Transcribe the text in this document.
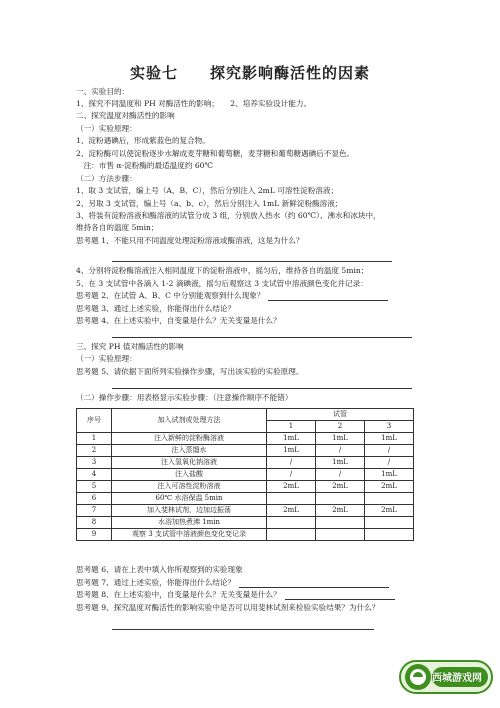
实验七　　探究影响酶活性的因素
一、实验目的：
1、探究不同温度和 PH 对酶活性的影响；　　2、培养实验设计能力。
二、探究温度对酶活性的影响
（一）实验原理：
1、淀粉遇碘后，形成紫蓝色的复合物。
2、淀粉酶可以使淀粉逐步水解成麦芽糖和葡萄糖，麦芽糖和葡萄糖遇碘后不显色。
　注：市售 α-淀粉酶的最适温度约 60℃
（二）方法步骤：
1、取 3 支试管，编上号（A、B、C），然后分别注入 2mL 可溶性淀粉溶液；
2、另取 3 支试管，编上号（a、b、c），然后分别注入 1mL 新鲜淀粉酶溶液；
3、将装有淀粉溶液和酶溶液的试管分成 3 组，分别放入热水（约 60℃）、沸水和冰块中，
维持各自的温度 5min；
思考题 1、不能只用不同温度处理淀粉溶液或酶溶液，这是为什么？
4、分别将淀粉酶溶液注入相同温度下的淀粉溶液中，摇匀后，维持各自的温度 5min；
5、在 3 支试管中各滴入 1-2 滴碘液，摇匀后观察这 3 支试管中溶液颜色变化并记录：
思考题 2、在试管 A、B、C 中分别能观察到什么现象？
思考题 3、通过上述实验，你能得出什么结论？
思考题 4、在上述实验中，自变量是什么？无关变量是什么？
三、探究 PH 值对酶活性的影响
（一）实验原理：
思考题 5、请依据下面所列实验操作步骤，写出该实验的实验原理。
（二）操作步骤：用表格显示实验步骤：（注意操作顺序不能错）
序号	加入试剂或处理方法	试管		
		1	2	3
1	注入新鲜的淀粉酶溶液	1mL	1mL	1mL
2	注入蒸馏水	1mL	/	/
3	注入氢氧化钠溶液	/	1mL	/
4	注入盐酸	/	/	1mL
5	注入可溶性淀粉溶液	2mL	2mL	2mL
6	60℃ 水浴保温 5min			
7	加入斐林试剂，边加边振荡	2mL	2mL	2mL
8	水浴加热煮沸 1min			
9	观察 3 支试管中溶液颜色变化变记录			
思考题 6、请在上表中填入你所观察到的实验现象
思考题 7、通过上述实验，你能得出什么结论？
思考题 8、在上述实验中，自变量是什么？无关变量是什么？
思考题 9、探究温度对酶活性的影响实验中是否可以用斐林试剂来检验实验结果？为什么？
西城游戏网
